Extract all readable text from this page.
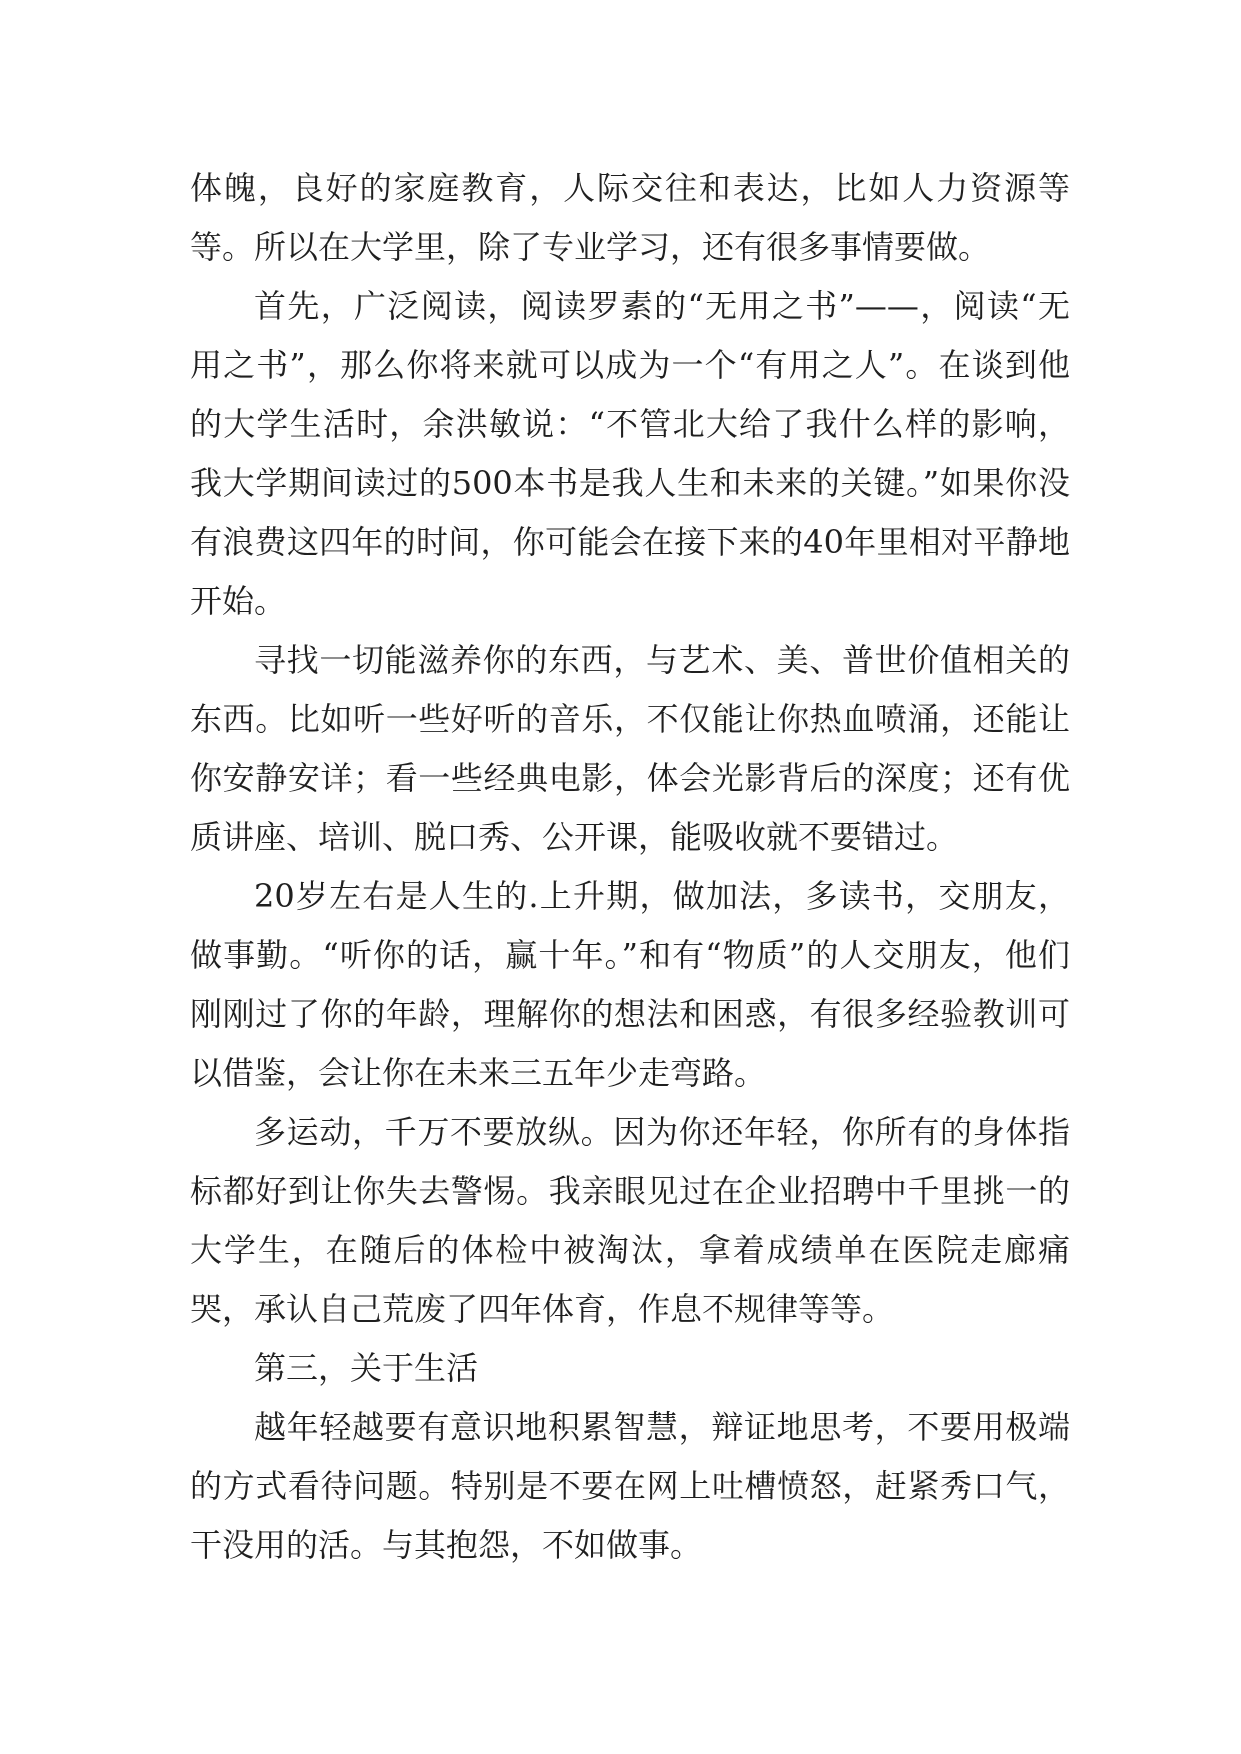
体魄，良好的家庭教育，人际交往和表达，比如人力资源等等。所以在大学里，除了专业学习，还有很多事情要做。

首先，广泛阅读，阅读罗素的“无用之书”——，阅读“无用之书”，那么你将来就可以成为一个“有用之人”。在谈到他的大学生活时，余洪敏说：“不管北大给了我什么样的影响，我大学期间读过的500本书是我人生和未来的关键。”如果你没有浪费这四年的时间，你可能会在接下来的40年里相对平静地开始。

寻找一切能滋养你的东西，与艺术、美、普世价值相关的东西。比如听一些好听的音乐，不仅能让你热血喷涌，还能让你安静安详；看一些经典电影，体会光影背后的深度；还有优质讲座、培训、脱口秀、公开课，能吸收就不要错过。

20岁左右是人生的.上升期，做加法，多读书，交朋友，做事勤。“听你的话，赢十年。”和有“物质”的人交朋友，他们刚刚过了你的年龄，理解你的想法和困惑，有很多经验教训可以借鉴，会让你在未来三五年少走弯路。

多运动，千万不要放纵。因为你还年轻，你所有的身体指标都好到让你失去警惕。我亲眼见过在企业招聘中千里挑一的大学生，在随后的体检中被淘汰，拿着成绩单在医院走廊痛哭，承认自己荒废了四年体育，作息不规律等等。

第三，关于生活

越年轻越要有意识地积累智慧，辩证地思考，不要用极端的方式看待问题。特别是不要在网上吐槽愤怒，赶紧秀口气，干没用的活。与其抱怨，不如做事。
